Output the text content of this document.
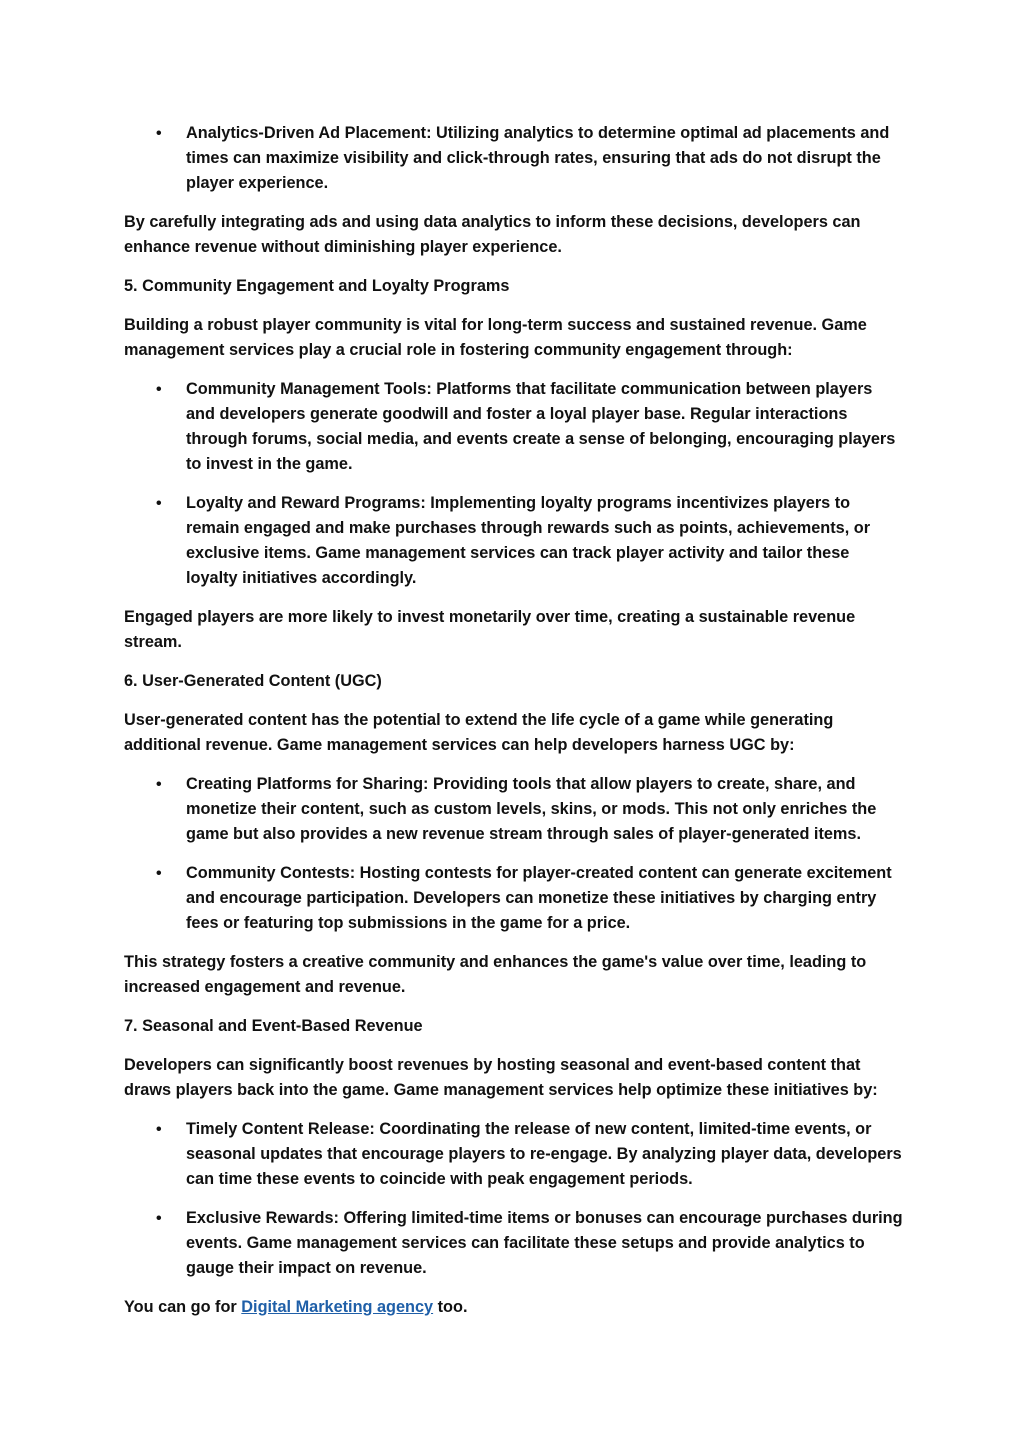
• Analytics-Driven Ad Placement: Utilizing analytics to determine optimal ad placements and times can maximize visibility and click-through rates, ensuring that ads do not disrupt the player experience.

By carefully integrating ads and using data analytics to inform these decisions, developers can enhance revenue without diminishing player experience.

5. Community Engagement and Loyalty Programs

Building a robust player community is vital for long-term success and sustained revenue. Game management services play a crucial role in fostering community engagement through:

• Community Management Tools: Platforms that facilitate communication between players and developers generate goodwill and foster a loyal player base. Regular interactions through forums, social media, and events create a sense of belonging, encouraging players to invest in the game.
• Loyalty and Reward Programs: Implementing loyalty programs incentivizes players to remain engaged and make purchases through rewards such as points, achievements, or exclusive items. Game management services can track player activity and tailor these loyalty initiatives accordingly.

Engaged players are more likely to invest monetarily over time, creating a sustainable revenue stream.

6. User-Generated Content (UGC)

User-generated content has the potential to extend the life cycle of a game while generating additional revenue. Game management services can help developers harness UGC by:

• Creating Platforms for Sharing: Providing tools that allow players to create, share, and monetize their content, such as custom levels, skins, or mods. This not only enriches the game but also provides a new revenue stream through sales of player-generated items.
• Community Contests: Hosting contests for player-created content can generate excitement and encourage participation. Developers can monetize these initiatives by charging entry fees or featuring top submissions in the game for a price.

This strategy fosters a creative community and enhances the game's value over time, leading to increased engagement and revenue.

7. Seasonal and Event-Based Revenue

Developers can significantly boost revenues by hosting seasonal and event-based content that draws players back into the game. Game management services help optimize these initiatives by:

• Timely Content Release: Coordinating the release of new content, limited-time events, or seasonal updates that encourage players to re-engage. By analyzing player data, developers can time these events to coincide with peak engagement periods.
• Exclusive Rewards: Offering limited-time items or bonuses can encourage purchases during events. Game management services can facilitate these setups and provide analytics to gauge their impact on revenue.

You can go for Digital Marketing agency too.
